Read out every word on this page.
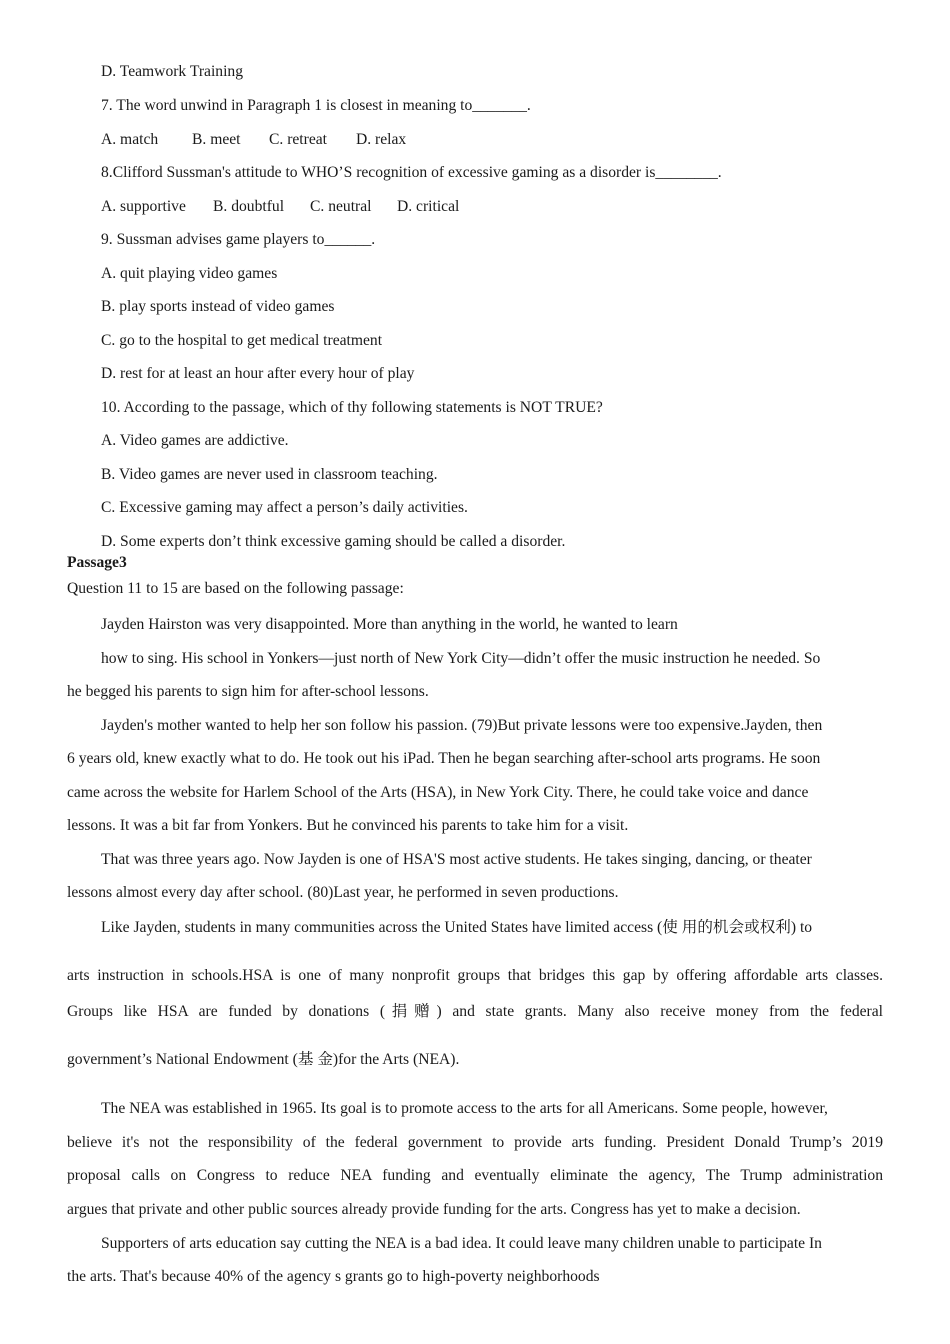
D. Teamwork Training

7. The word unwind in Paragraph 1 is closest in meaning to_______.

A. match B. meet C. retreat D. relax

8.Clifford Sussman's attitude to WHO’S recognition of excessive gaming as a disorder is________.

A. supportive B. doubtful C. neutral D. critical

9. Sussman advises game players to______.

A. quit playing video games

B. play sports instead of video games

C. go to the hospital to get medical treatment

D. rest for at least an hour after every hour of play

10. According to the passage, which of thy following statements is NOT TRUE?

A. Video games are addictive.

B. Video games are never used in classroom teaching.

C. Excessive gaming may affect a person’s daily activities.

D. Some experts don’t think excessive gaming should be called a disorder.

Passage3

Question 11 to 15 are based on the following passage:

Jayden Hairston was very disappointed. More than anything in the world, he wanted to learn

how to sing. His school in Yonkers—just north of New York City—didn’t offer the music instruction he needed. So

he begged his parents to sign him for after-school lessons.

Jayden's mother wanted to help her son follow his passion. (79)But private lessons were too expensive.Jayden, then

6 years old, knew exactly what to do. He took out his iPad. Then he began searching after-school arts programs. He soon

came across the website for Harlem School of the Arts (HSA), in New York City. There, he could take voice and dance

lessons. It was a bit far from Yonkers. But he convinced his parents to take him for a visit.

That was three years ago. Now Jayden is one of HSA'S most active students. He takes singing, dancing, or theater

lessons almost every day after school. (80)Last year, he performed in seven productions.

Like Jayden, students in many communities across the United States have limited access (使 用的机会或权利) to

arts instruction in schools.HSA is one of many nonprofit groups that bridges this gap by offering affordable arts classes.

Groups like HSA are funded by donations (捐赠) and state grants. Many also receive money from the federal

government’s National Endowment (基 金)for the Arts (NEA).

The NEA was established in 1965. Its goal is to promote access to the arts for all Americans. Some people, however,

believe it's not the responsibility of the federal government to provide arts funding. President Donald Trump’s 2019

proposal calls on Congress to reduce NEA funding and eventually eliminate the agency, The Trump administration

argues that private and other public sources already provide funding for the arts. Congress has yet to make a decision.

Supporters of arts education say cutting the NEA is a bad idea. It could leave many children unable to participate In

the arts. That's because 40% of the agency s grants go to high-poverty neighborhoods
